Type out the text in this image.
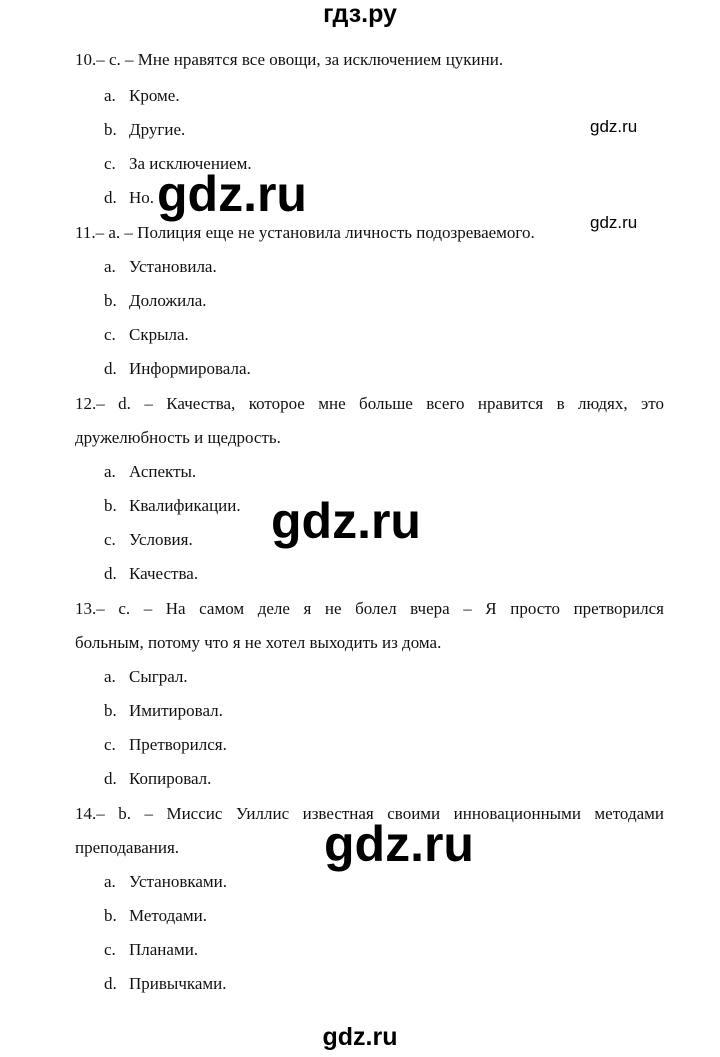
гдз.ру
10.– c. – Мне нравятся все овощи, за исключением цукини.
a. Кроме.
b. Другие.
c. За исключением.
d. Но.
11.– a. – Полиция еще не установила личность подозреваемого.
a. Установила.
b. Доложила.
c. Скрыла.
d. Информировала.
12.– d. – Качества, которое мне больше всего нравится в людях, это
дружелюбность и щедрость.
a. Аспекты.
b. Квалификации.
c. Условия.
d. Качества.
13.– c. – На самом деле я не болел вчера – Я просто претворился
больным, потому что я не хотел выходить из дома.
a. Сыграл.
b. Имитировал.
c. Претворился.
d. Копировал.
14.– b. – Миссис Уиллис известная своими инновационными методами
преподавания.
a. Установками.
b. Методами.
c. Планами.
d. Привычками.
gdz.ru
gdz.ru
gdz.ru
gdz.ru
gdz.ru
gdz.ru
